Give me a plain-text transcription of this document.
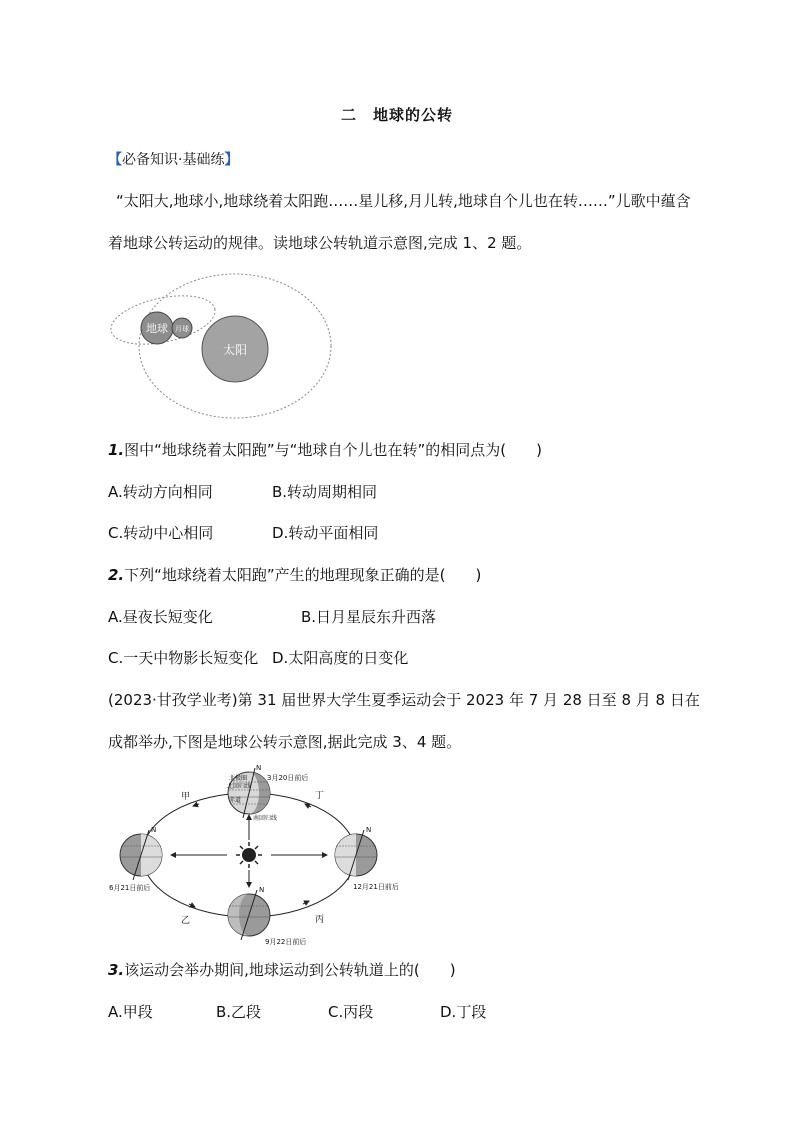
二　地球的公转
【必备知识·基础练】
“太阳大,地球小,地球绕着太阳跑……星儿移,月儿转,地球自个儿也在转……”儿歌中蕴含
着地球公转运动的规律。读地球公转轨道示意图,完成 1、2 题。
太阳
地球 月球
1.图中“地球绕着太阳跑”与“地球自个儿也在转”的相同点为(　　)
A.转动方向相同	B.转动周期相同
C.转动中心相同	D.转动平面相同
2.下列“地球绕着太阳跑”产生的地理现象正确的是(　　)
A.昼夜长短变化	B.日月星辰东升西落
C.一天中物影长短变化 D.太阳高度的日变化
(2023·甘孜学业考)第 31 届世界大学生夏季运动会于 2023 年 7 月 28 日至 8 月 8 日在
成都举办,下图是地球公转示意图,据此完成 3、4 题。
北极圈
北回归线
赤道
南回归线
N
3月20日前后
N
6月21日前后
N
12月21日前后
N
9月22日前后
甲
乙	丙
丁
3.该运动会举办期间,地球运动到公转轨道上的(　　)
A.甲段	B.乙段	C.丙段	D.丁段
